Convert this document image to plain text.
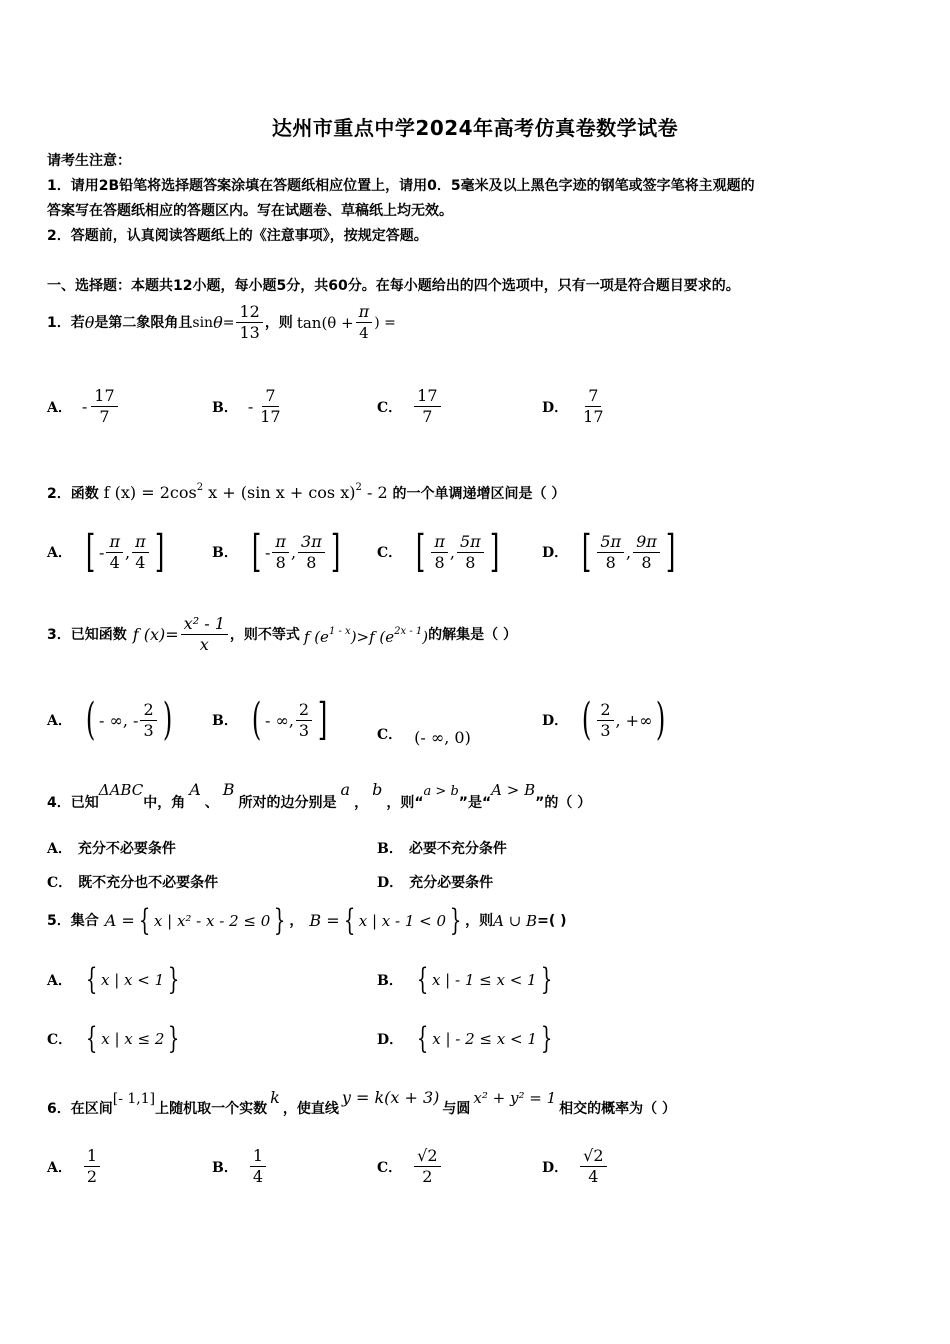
达州市重点中学2024年高考仿真卷数学试卷
请考生注意：
1．请用2B铅笔将选择题答案涂填在答题纸相应位置上，请用0．5毫米及以上黑色字迹的钢笔或签字笔将主观题的
答案写在答题纸相应的答题区内。写在试题卷、草稿纸上均无效。
2．答题前，认真阅读答题纸上的《注意事项》，按规定答题。
一、选择题：本题共12小题，每小题5分，共60分。在每小题给出的四个选项中，只有一项是符合题目要求的。
1．若 θ 是第二象限角且 $\sin \theta = \frac{12}{13}$ ，则 $\tan(\theta + \frac{\pi}{4}$ ) =
A． - $\frac{17}{7}$	B． - $\frac{7}{17}$	C． $\frac{17}{7}$	D． $\frac{7}{17}$
2．函数 f $(x) = 2\cos^2$ x + (sin x + cos x)$^2$ - 2 的一个单调递增区间是（ ）
A． [ - $\frac{\pi}{4}$ , $\frac{\pi}{4}$ ]	B． [ - $\frac{\pi}{8}$ , $\frac{3\pi}{8}$ ]	C． [ $\frac{\pi}{8}$ , $\frac{5\pi}{8}$ ]	D． [ $\frac{5\pi}{8}$ , $\frac{9\pi}{8}$ ]
3．已知函数 f $(x)= \frac{\text{x² - 1}}{x}$ ，则不等式 f $(e^{1 - x})>f$ $(e^{2x - 1})$ 的解集是（ ）
A． ( - ∞, - $\frac{2}{3}$ )	B． ( - ∞, $\frac{2}{3}$ ]	C． (- ∞, 0)
D． ( $\frac{2}{3}$ , +∞ )
4．已知ΔABC中，角A、B所对的边分别是a，b，则“a > b”是“A > B”的（ ）
A． 充分不必要条件	B． 必要不充分条件
C． 既不充分也不必要条件	D． 充分必要条件
5．集合 A = { x | x² - x - 2 ≤ 0 } ， B = { x | x - 1 < 0 } ，则 A ∪ B =( )
A． { x | x < 1 }	B． { x | - 1 ≤ x < 1 }
C． { x | x ≤ 2 }	D． { x | - 2 ≤ x < 1 }
6．在区间[- 1,1]上随机取一个实数k，使直线y = k(x + 3)与圆x² + y² = 1相交的概率为（ ）
A． $\frac{1}{2}$	B． $\frac{1}{4}$	C． $\frac{√2}{2}$	D． $\frac{√2}{4}$
